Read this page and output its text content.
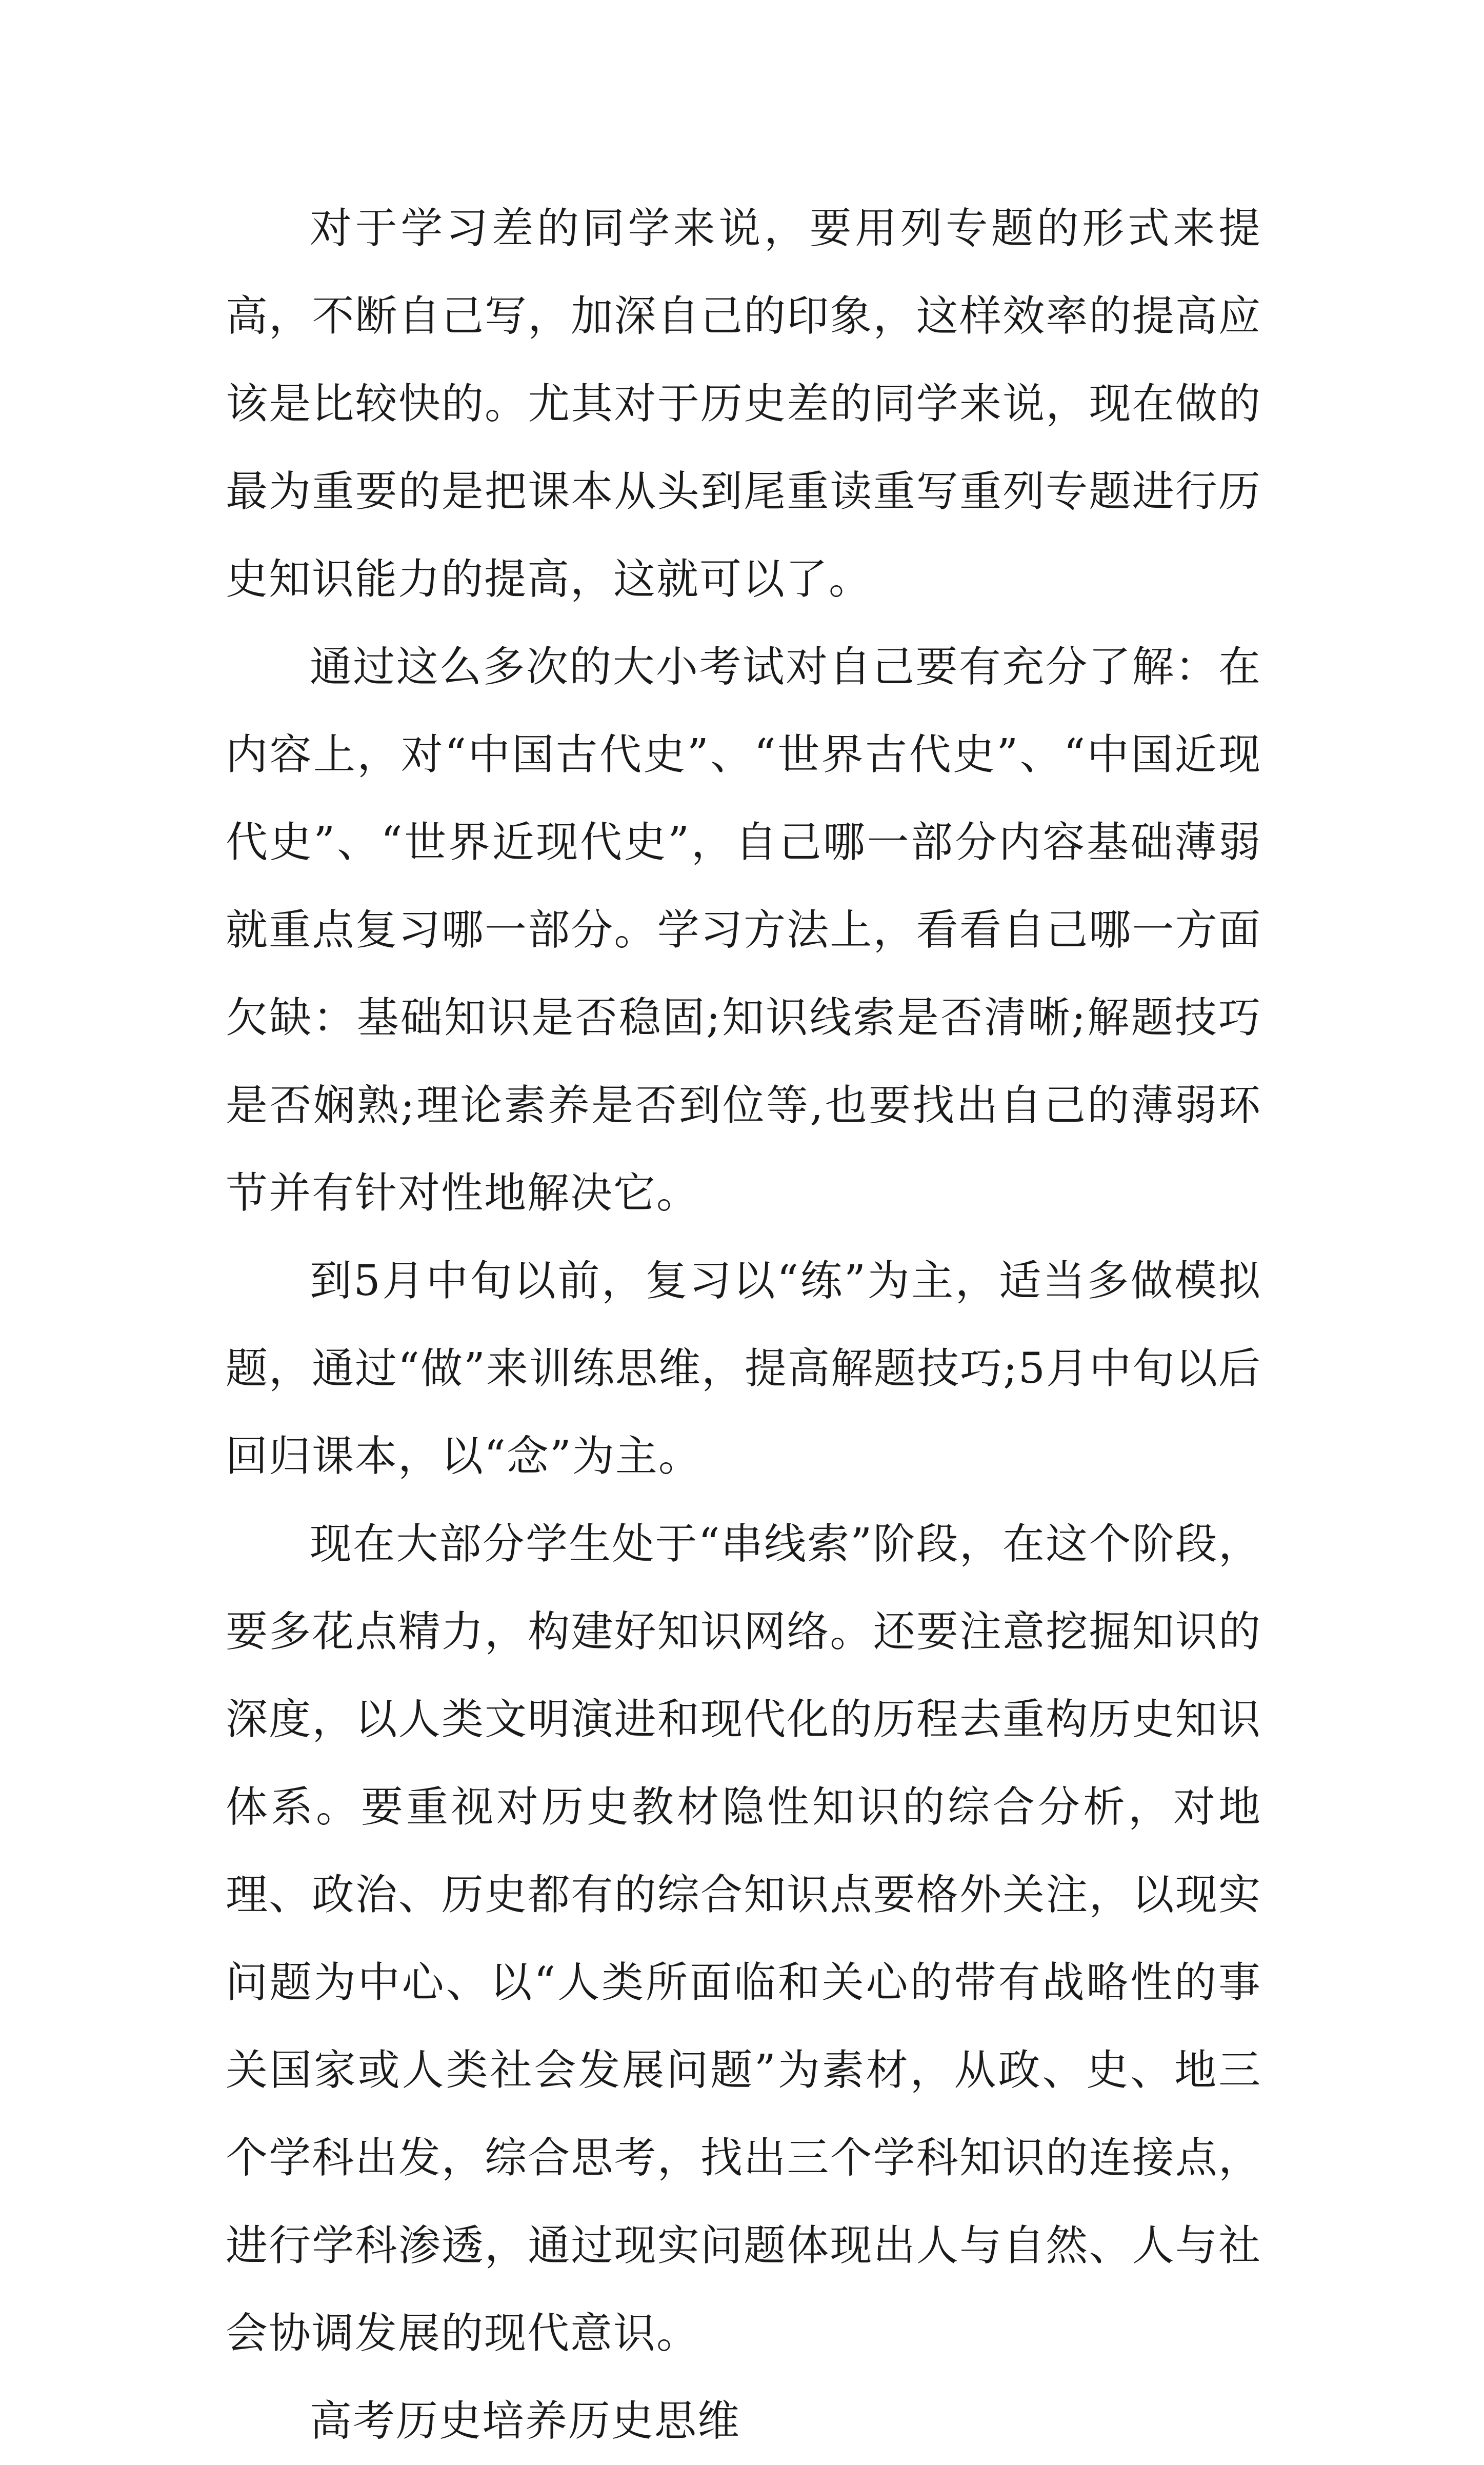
对于学习差的同学来说，要用列专题的形式来提高，不断自己写，加深自己的印象，这样效率的提高应该是比较快的。尤其对于历史差的同学来说，现在做的最为重要的是把课本从头到尾重读重写重列专题进行历史知识能力的提高，这就可以了。

通过这么多次的大小考试对自己要有充分了解：在内容上，对“中国古代史”、“世界古代史”、“中国近现代史”、“世界近现代史”，自己哪一部分内容基础薄弱就重点复习哪一部分。学习方法上，看看自己哪一方面欠缺：基础知识是否稳固;知识线索是否清晰;解题技巧是否娴熟;理论素养是否到位等,也要找出自己的薄弱环节并有针对性地解决它。

到5月中旬以前，复习以“练”为主，适当多做模拟题，通过“做”来训练思维，提高解题技巧;5月中旬以后回归课本，以“念”为主。

现在大部分学生处于“串线索”阶段，在这个阶段，要多花点精力，构建好知识网络。还要注意挖掘知识的深度，以人类文明演进和现代化的历程去重构历史知识体系。要重视对历史教材隐性知识的综合分析，对地理、政治、历史都有的综合知识点要格外关注，以现实问题为中心、以“人类所面临和关心的带有战略性的事关国家或人类社会发展问题”为素材，从政、史、地三个学科出发，综合思考，找出三个学科知识的连接点，进行学科渗透，通过现实问题体现出人与自然、人与社会协调发展的现代意识。

高考历史培养历史思维
